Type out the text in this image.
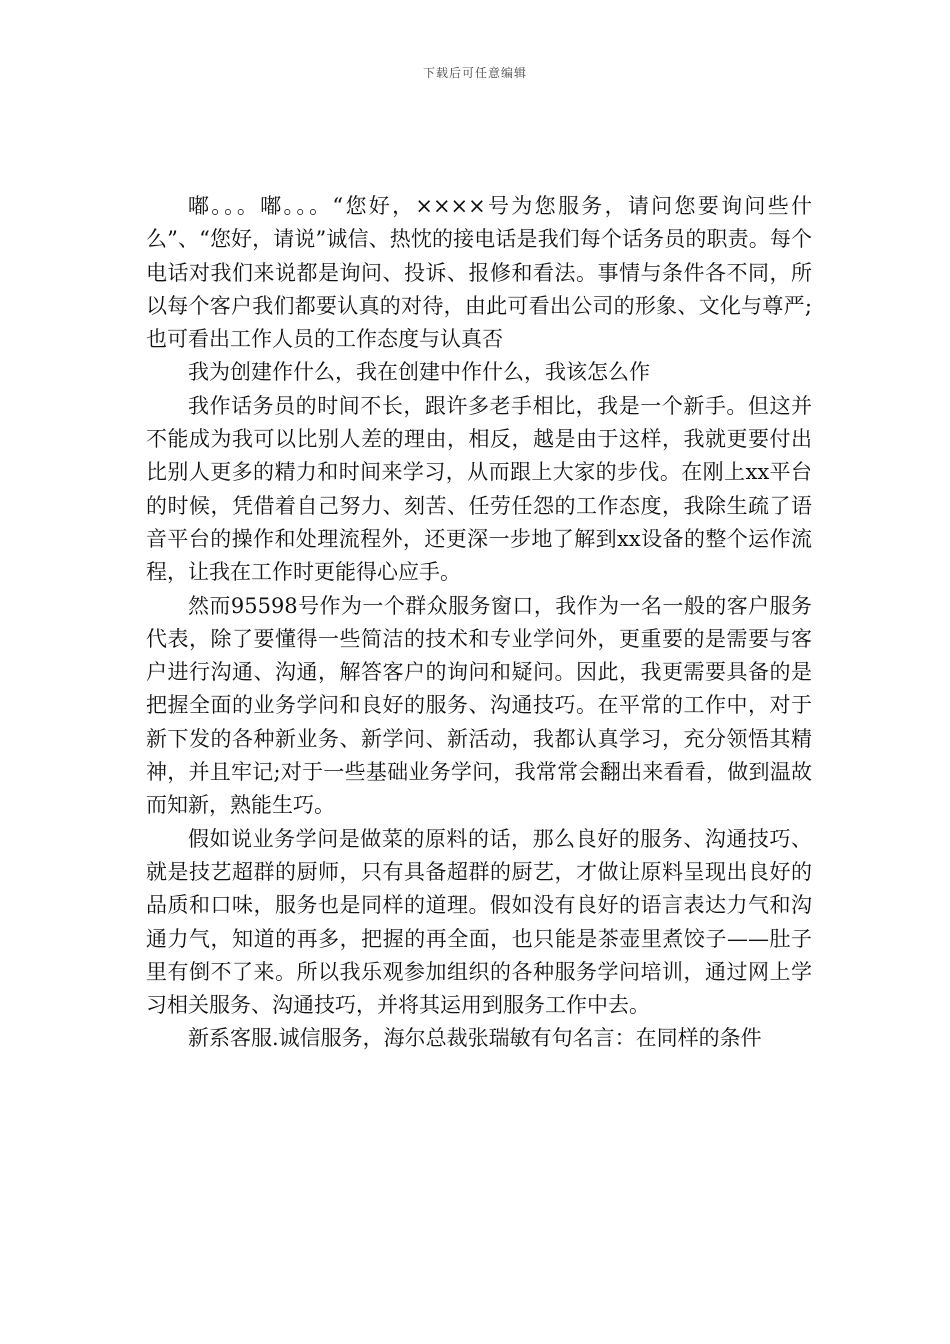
下载后可任意编辑

嘟。。。嘟。。。“您好，××××号为您服务，请问您要询问些什么”、“您好，请说”诚信、热忱的接电话是我们每个话务员的职责。每个电话对我们来说都是询问、投诉、报修和看法。事情与条件各不同，所以每个客户我们都要认真的对待，由此可看出公司的形象、文化与尊严;也可看出工作人员的工作态度与认真否

我为创建作什么，我在创建中作什么，我该怎么作

我作话务员的时间不长，跟许多老手相比，我是一个新手。但这并不能成为我可以比别人差的理由，相反，越是由于这样，我就更要付出比别人更多的精力和时间来学习，从而跟上大家的步伐。在刚上xx平台的时候，凭借着自己努力、刻苦、任劳任怨的工作态度，我除生疏了语音平台的操作和处理流程外，还更深一步地了解到xx设备的整个运作流程，让我在工作时更能得心应手。

然而95598号作为一个群众服务窗口，我作为一名一般的客户服务代表，除了要懂得一些简洁的技术和专业学问外，更重要的是需要与客户进行沟通、沟通，解答客户的询问和疑问。因此，我更需要具备的是把握全面的业务学问和良好的服务、沟通技巧。在平常的工作中，对于新下发的各种新业务、新学问、新活动，我都认真学习，充分领悟其精神，并且牢记;对于一些基础业务学问，我常常会翻出来看看，做到温故而知新，熟能生巧。

假如说业务学问是做菜的原料的话，那么良好的服务、沟通技巧、就是技艺超群的厨师，只有具备超群的厨艺，才做让原料呈现出良好的品质和口味，服务也是同样的道理。假如没有良好的语言表达力气和沟通力气，知道的再多，把握的再全面，也只能是茶壶里煮饺子——肚子里有倒不了来。所以我乐观参加组织的各种服务学问培训，通过网上学习相关服务、沟通技巧，并将其运用到服务工作中去。

新系客服.诚信服务，海尔总裁张瑞敏有句名言：在同样的条件
